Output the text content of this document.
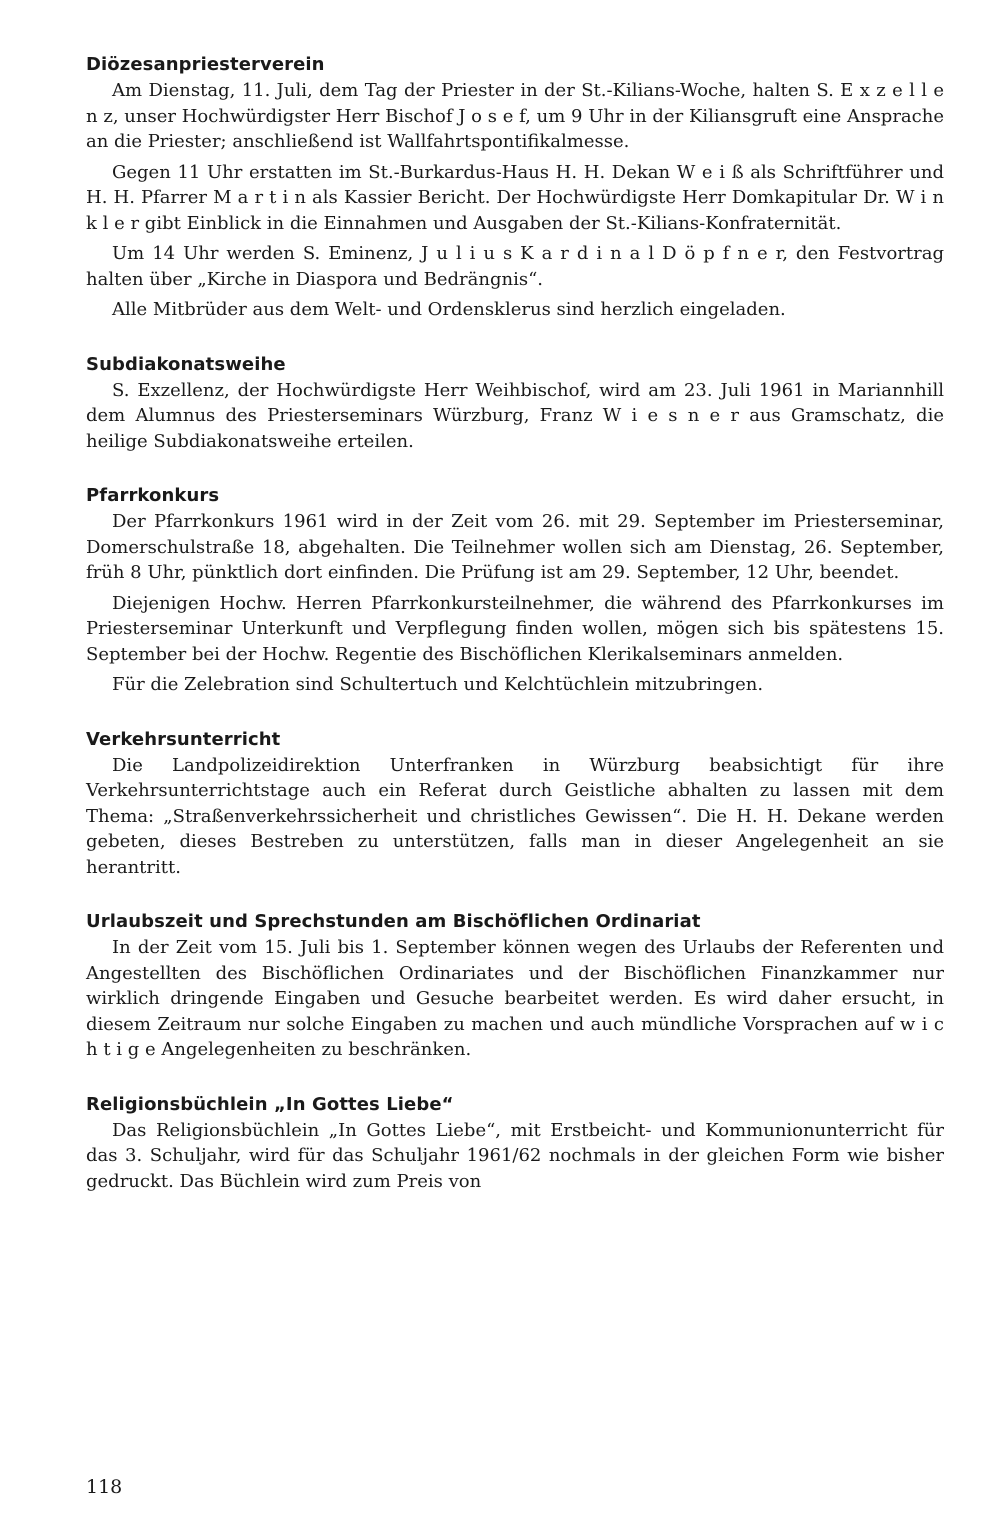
Diözesanpriesterverein

Am Dienstag, 11. Juli, dem Tag der Priester in der St.-Kilians-Woche, halten S. E x z e l l e n z, unser Hochwürdigster Herr Bischof J o s e f, um 9 Uhr in der Kiliansgruft eine Ansprache an die Priester; anschließend ist Wallfahrtspontifikalmesse.

Gegen 11 Uhr erstatten im St.-Burkardus-Haus H. H. Dekan W e i ß als Schriftführer und H. H. Pfarrer M a r t i n als Kassier Bericht. Der Hochwürdigste Herr Domkapitular Dr. W i n k l e r gibt Einblick in die Einnahmen und Ausgaben der St.-Kilians-Konfraternität.

Um 14 Uhr werden S. Eminenz, J u l i u s K a r d i n a l D ö p f n e r, den Festvortrag halten über „Kirche in Diaspora und Bedrängnis“.

Alle Mitbrüder aus dem Welt- und Ordensklerus sind herzlich eingeladen.

Subdiakonatsweihe

S. Exzellenz, der Hochwürdigste Herr Weihbischof, wird am 23. Juli 1961 in Mariannhill dem Alumnus des Priesterseminars Würzburg, Franz W i e s n e r aus Gramschatz, die heilige Subdiakonatsweihe erteilen.

Pfarrkonkurs

Der Pfarrkonkurs 1961 wird in der Zeit vom 26. mit 29. September im Priesterseminar, Domerschulstraße 18, abgehalten. Die Teilnehmer wollen sich am Dienstag, 26. September, früh 8 Uhr, pünktlich dort einfinden. Die Prüfung ist am 29. September, 12 Uhr, beendet.

Diejenigen Hochw. Herren Pfarrkonkursteilnehmer, die während des Pfarrkonkurses im Priesterseminar Unterkunft und Verpflegung finden wollen, mögen sich bis spätestens 15. September bei der Hochw. Regentie des Bischöflichen Klerikalseminars anmelden.

Für die Zelebration sind Schultertuch und Kelchtüchlein mitzubringen.

Verkehrsunterricht

Die Landpolizeidirektion Unterfranken in Würzburg beabsichtigt für ihre Verkehrsunterrichtstage auch ein Referat durch Geistliche abhalten zu lassen mit dem Thema: „Straßenverkehrssicherheit und christliches Gewissen“. Die H. H. Dekane werden gebeten, dieses Bestreben zu unterstützen, falls man in dieser Angelegenheit an sie herantritt.

Urlaubszeit und Sprechstunden am Bischöflichen Ordinariat

In der Zeit vom 15. Juli bis 1. September können wegen des Urlaubs der Referenten und Angestellten des Bischöflichen Ordinariates und der Bischöflichen Finanzkammer nur wirklich dringende Eingaben und Gesuche bearbeitet werden. Es wird daher ersucht, in diesem Zeitraum nur solche Eingaben zu machen und auch mündliche Vorsprachen auf w i c h t i g e Angelegenheiten zu beschränken.

Religionsbüchlein „In Gottes Liebe“

Das Religionsbüchlein „In Gottes Liebe“, mit Erstbeicht- und Kommunionunterricht für das 3. Schuljahr, wird für das Schuljahr 1961/62 nochmals in der gleichen Form wie bisher gedruckt. Das Büchlein wird zum Preis von

118
